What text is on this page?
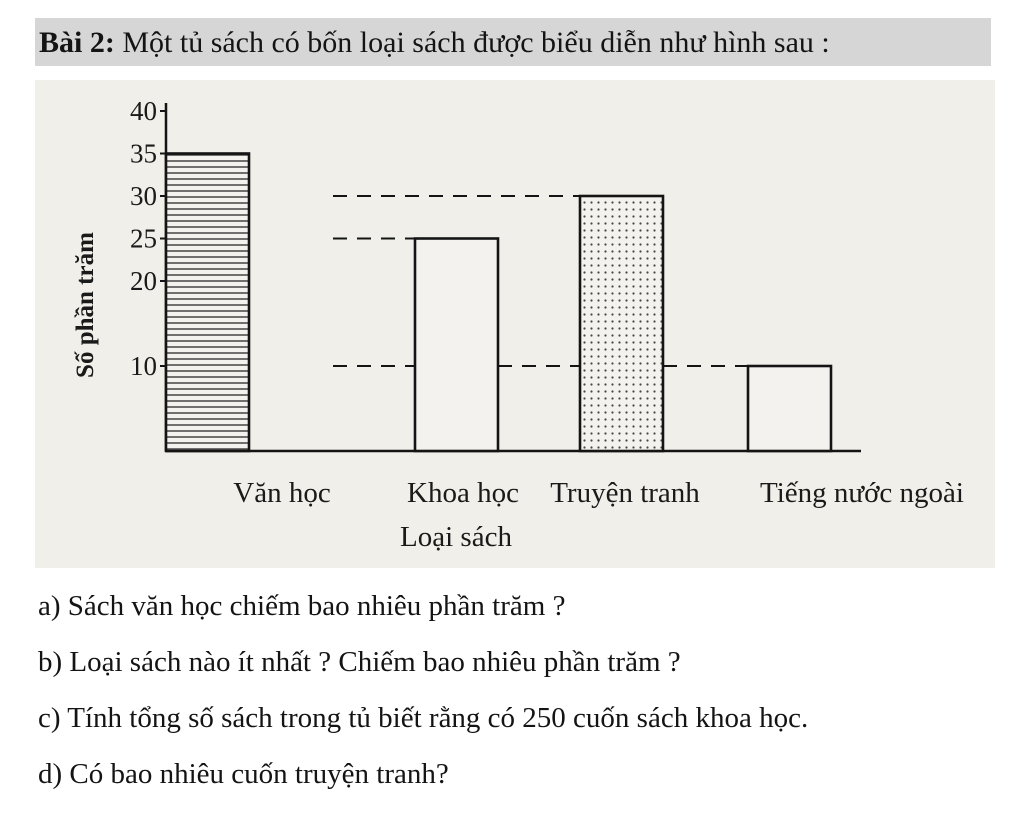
Bài 2: Một tủ sách có bốn loại sách được biểu diễn như hình sau :
Số phần trăm
Loại sách
10
20
25
30
35
40
Văn học	Khoa học Truyện tranh Tiếng nước ngoài
a) Sách văn học chiếm bao nhiêu phần trăm ?
b) Loại sách nào ít nhất ? Chiếm bao nhiêu phần trăm ?
c) Tính tổng số sách trong tủ biết rằng có 250 cuốn sách khoa học.
d) Có bao nhiêu cuốn truyện tranh?
